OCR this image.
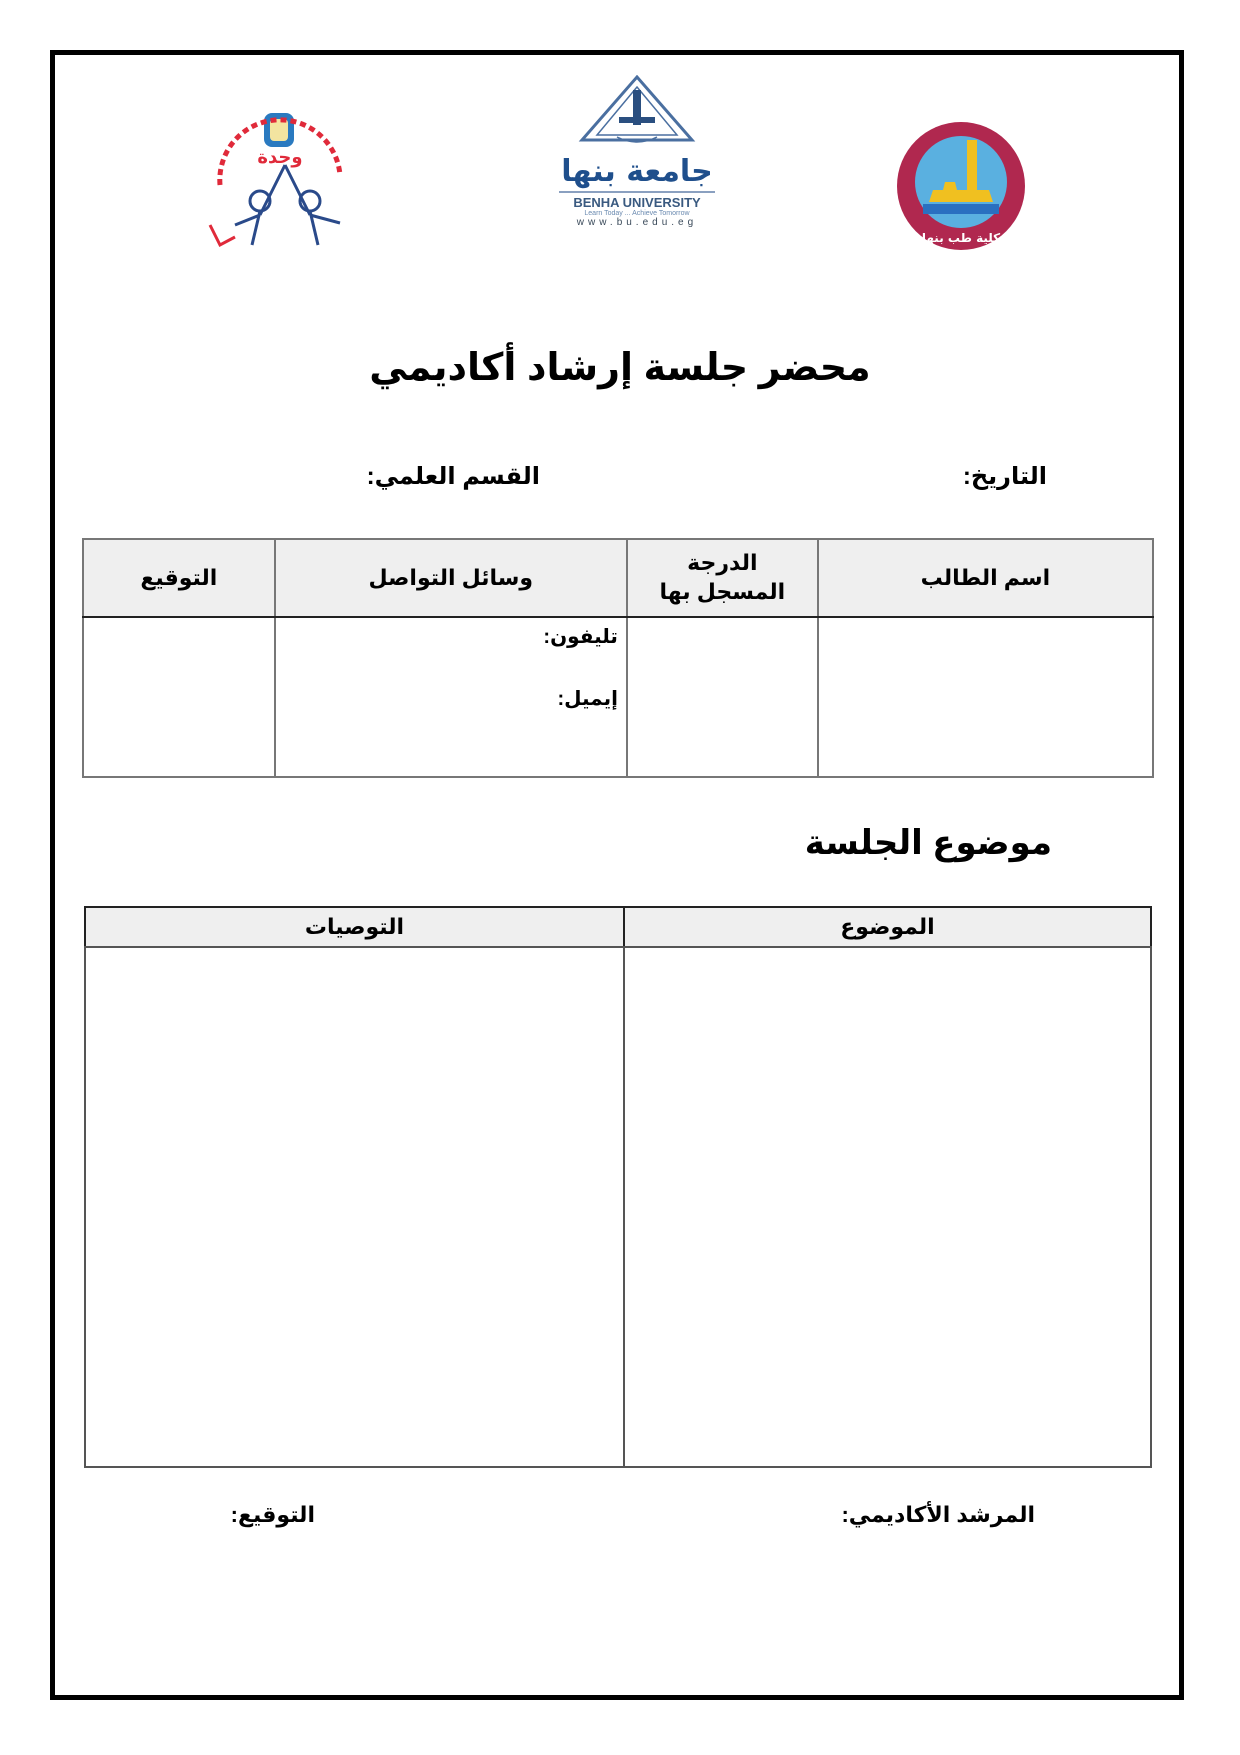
وحدة	جامعة بنها
BENHA UNIVERSITY
Learn Today ... Achieve Tomorrow
www.bu.edu.eg
كلية طب بنها
محضر جلسة إرشاد أكاديمي
التاريخ:
القسم العلمي:
اسم الطالب	الدرجة المسجل بها	وسائل التواصل	التوقيع

		تليفون:
إيميل:	

موضوع الجلسة
الموضوع	التوصيات

المرشد الأكاديمي:
التوقيع:
